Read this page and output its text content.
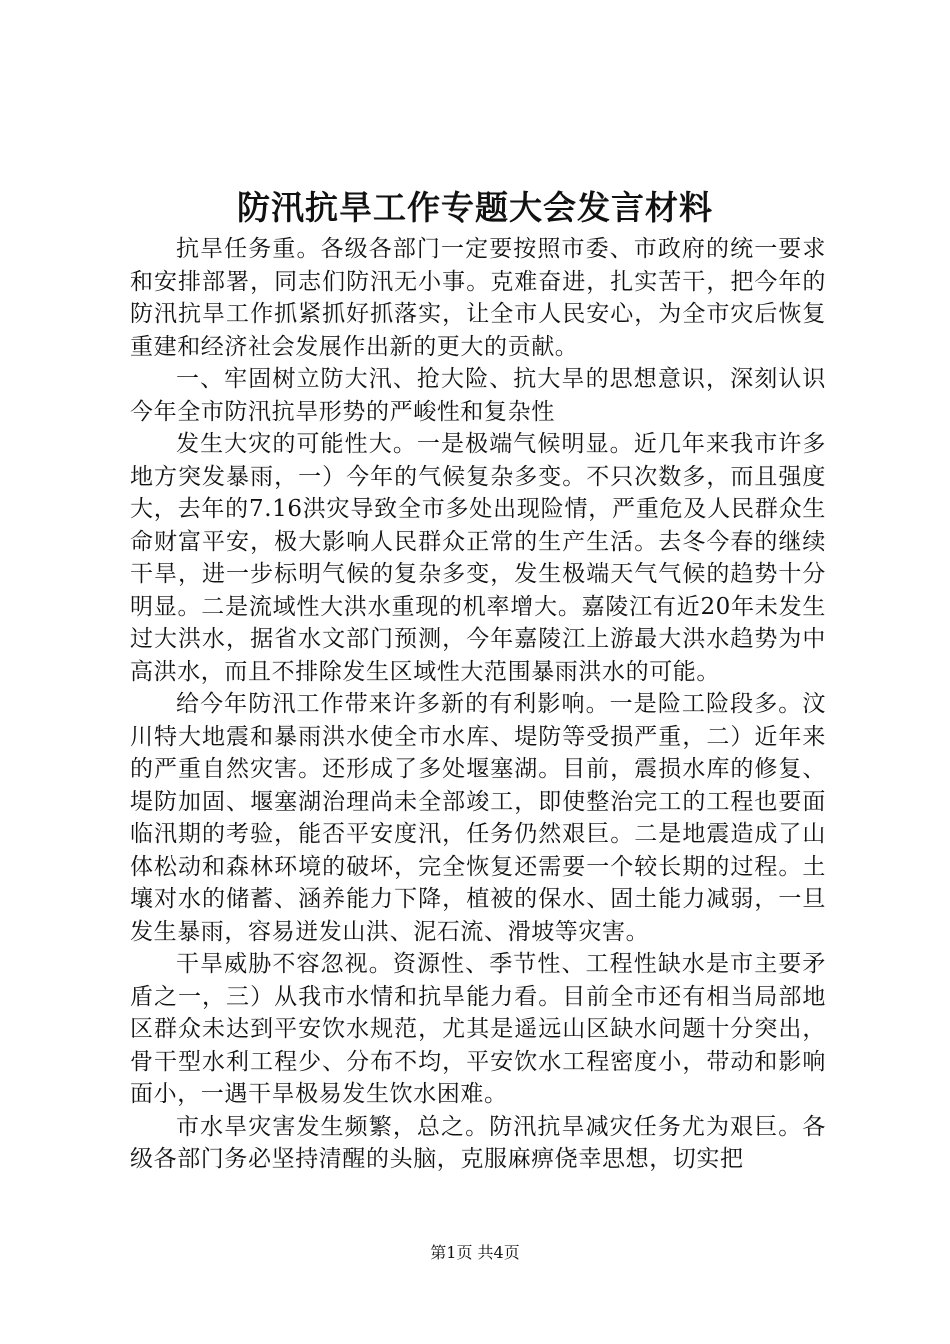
防汛抗旱工作专题大会发言材料

抗旱任务重。各级各部门一定要按照市委、市政府的统一要求和安排部署，同志们防汛无小事。克难奋进，扎实苦干，把今年的防汛抗旱工作抓紧抓好抓落实，让全市人民安心，为全市灾后恢复重建和经济社会发展作出新的更大的贡献。

一、牢固树立防大汛、抢大险、抗大旱的思想意识，深刻认识今年全市防汛抗旱形势的严峻性和复杂性

发生大灾的可能性大。一是极端气候明显。近几年来我市许多地方突发暴雨，一）今年的气候复杂多变。不只次数多，而且强度大，去年的7.16洪灾导致全市多处出现险情，严重危及人民群众生命财富平安，极大影响人民群众正常的生产生活。去冬今春的继续干旱，进一步标明气候的复杂多变，发生极端天气气候的趋势十分明显。二是流域性大洪水重现的机率增大。嘉陵江有近20年未发生过大洪水，据省水文部门预测，今年嘉陵江上游最大洪水趋势为中高洪水，而且不排除发生区域性大范围暴雨洪水的可能。

给今年防汛工作带来许多新的有利影响。一是险工险段多。汶川特大地震和暴雨洪水使全市水库、堤防等受损严重，二）近年来的严重自然灾害。还形成了多处堰塞湖。目前，震损水库的修复、堤防加固、堰塞湖治理尚未全部竣工，即使整治完工的工程也要面临汛期的考验，能否平安度汛，任务仍然艰巨。二是地震造成了山体松动和森林环境的破坏，完全恢复还需要一个较长期的过程。土壤对水的储蓄、涵养能力下降，植被的保水、固土能力减弱，一旦发生暴雨，容易迸发山洪、泥石流、滑坡等灾害。

干旱威胁不容忽视。资源性、季节性、工程性缺水是市主要矛盾之一，三）从我市水情和抗旱能力看。目前全市还有相当局部地区群众未达到平安饮水规范，尤其是遥远山区缺水问题十分突出，骨干型水利工程少、分布不均，平安饮水工程密度小，带动和影响面小，一遇干旱极易发生饮水困难。

市水旱灾害发生频繁，总之。防汛抗旱减灾任务尤为艰巨。各级各部门务必坚持清醒的头脑，克服麻痹侥幸思想，切实把

第1页 共4页
